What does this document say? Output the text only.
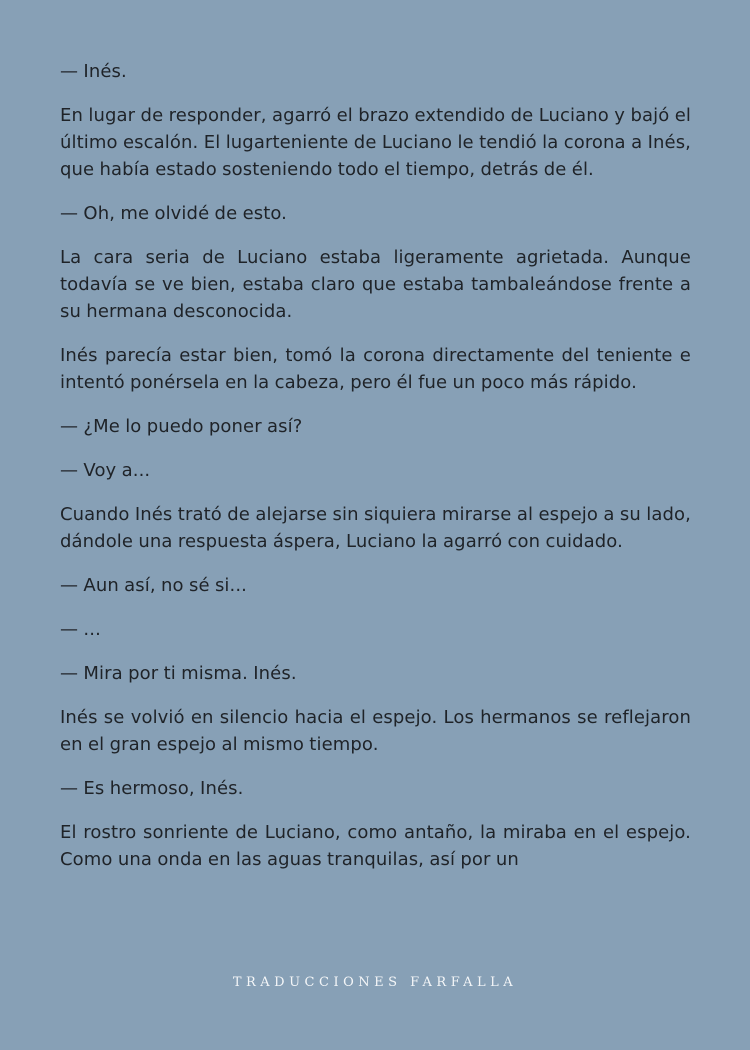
— Inés.

En lugar de responder, agarró el brazo extendido de Luciano y bajó el último escalón. El lugarteniente de Luciano le tendió la corona a Inés, que había estado sosteniendo todo el tiempo, detrás de él.

— Oh, me olvidé de esto.

La cara seria de Luciano estaba ligeramente agrietada. Aunque todavía se ve bien, estaba claro que estaba tambaleándose frente a su hermana desconocida.

Inés parecía estar bien, tomó la corona directamente del teniente e intentó ponérsela en la cabeza, pero él fue un poco más rápido.

— ¿Me lo puedo poner así?

— Voy a...

Cuando Inés trató de alejarse sin siquiera mirarse al espejo a su lado, dándole una respuesta áspera, Luciano la agarró con cuidado.

— Aun así, no sé si...

— ...

— Mira por ti misma. Inés.

Inés se volvió en silencio hacia el espejo. Los hermanos se reflejaron en el gran espejo al mismo tiempo.

— Es hermoso, Inés.

El rostro sonriente de Luciano, como antaño, la miraba en el espejo. Como una onda en las aguas tranquilas, así por un

TRADUCCIONES FARFALLA
